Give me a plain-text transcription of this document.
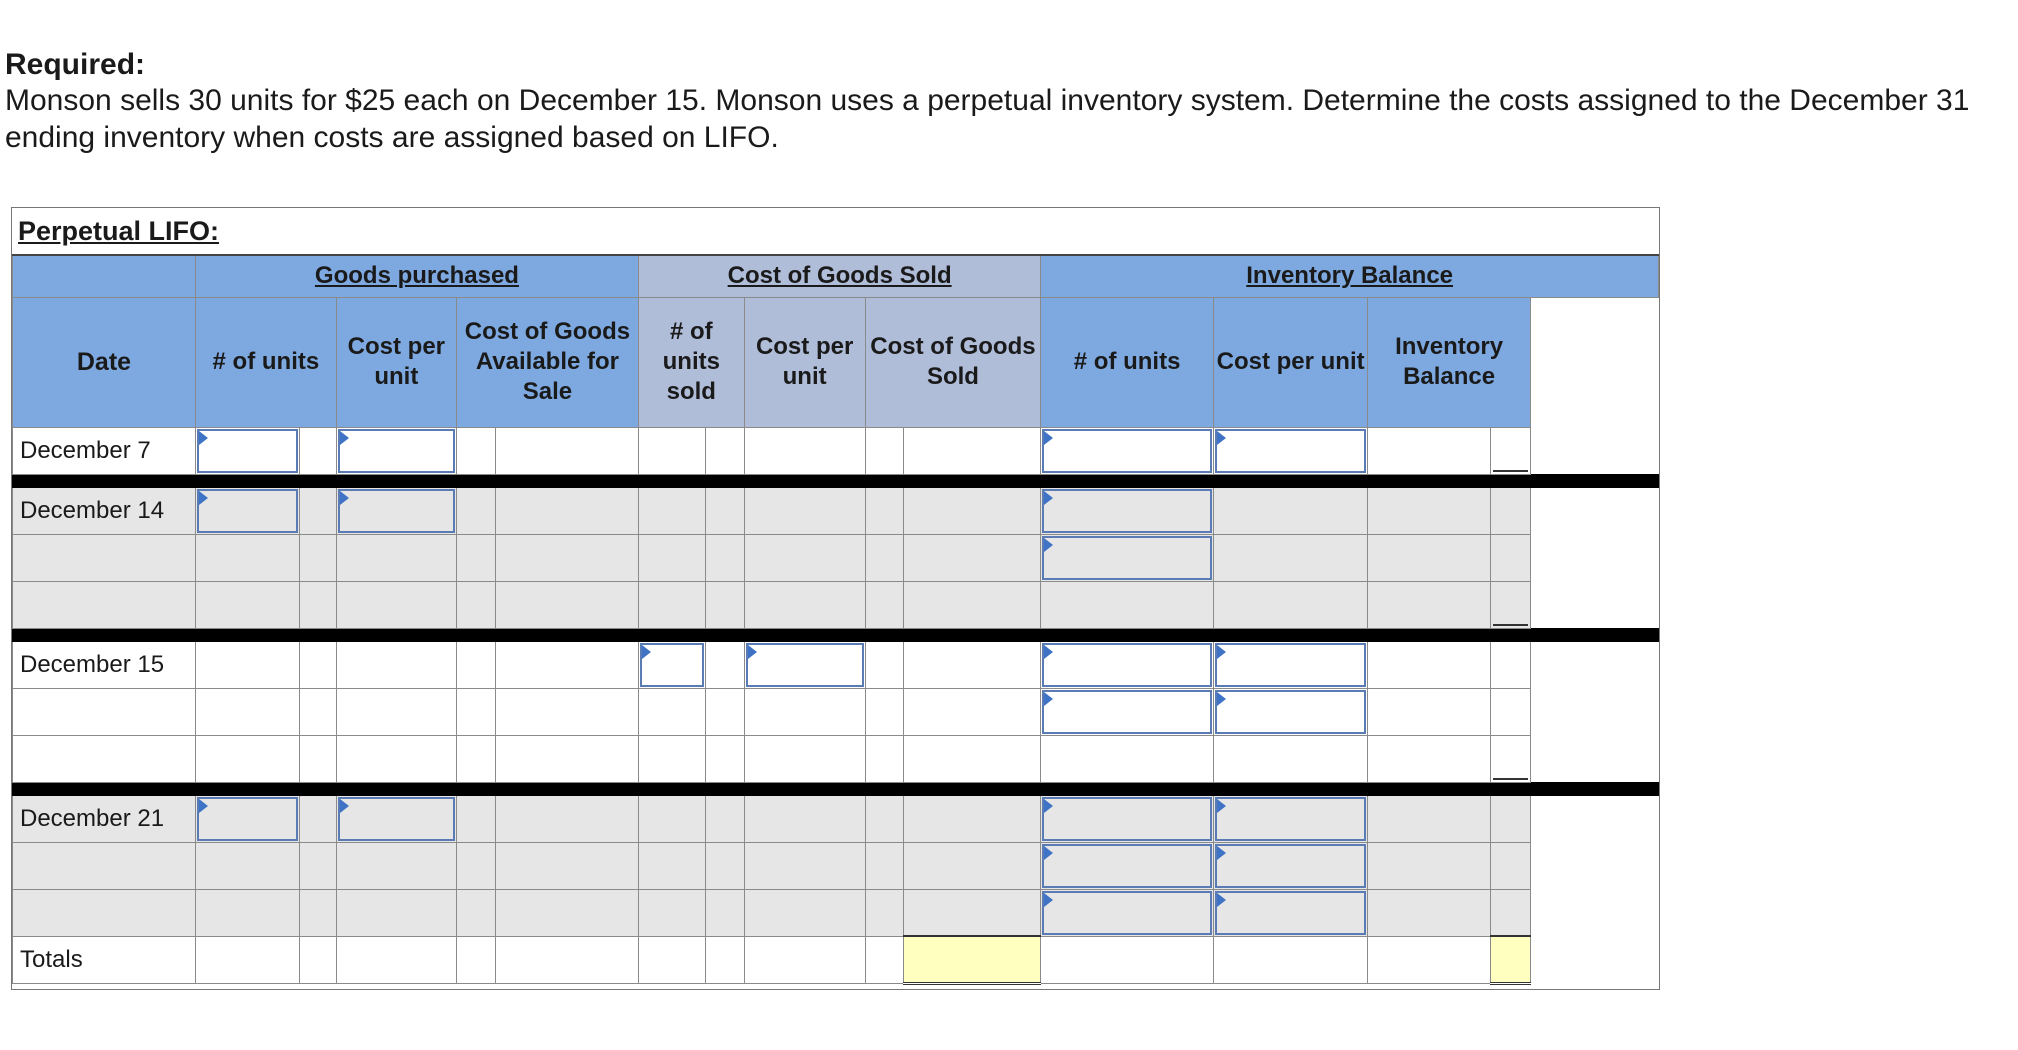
Required:
Monson sells 30 units for $25 each on December 15. Monson uses a perpetual inventory system. Determine the costs assigned to the December 31 ending inventory when costs are assigned based on LIFO.
Perpetual LIFO:
	Goods purchased					Cost of Goods Sold					Inventory Balance			
Date	# of units		Cost per unit	Cost of Goods Available for Sale		# of units sold		Cost per unit	Cost of Goods Sold		# of units	Cost per unit	Inventory Balance	
December 7	

December 14	

December 15						

December 21	

Totals														
